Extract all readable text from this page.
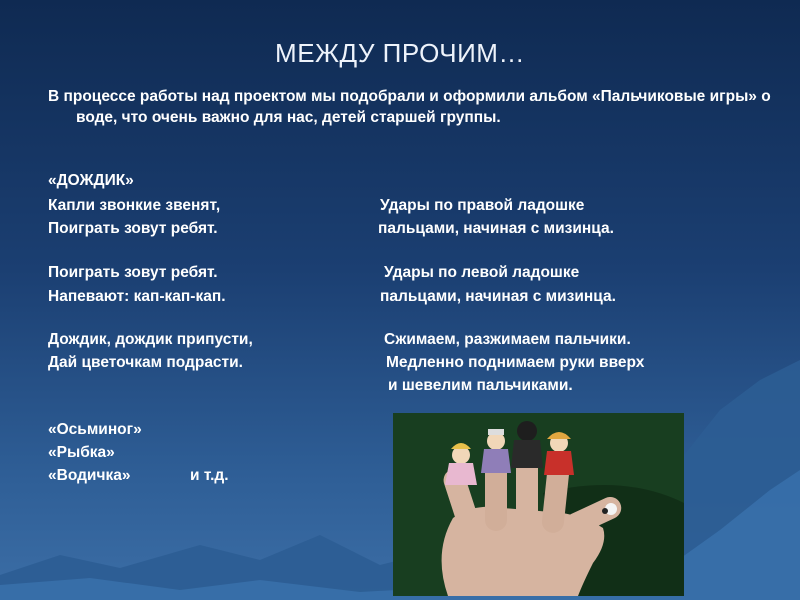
МЕЖДУ ПРОЧИМ…
В процессе работы над проектом мы подобрали и оформили альбом «Пальчиковые игры» о воде, что очень важно для нас, детей старшей группы.
«ДОЖДИК»
Капли звонкие звенят,	Удары по правой ладошке
Поиграть зовут ребят.	пальцами, начиная с мизинца.
Поиграть зовут ребят.	Удары по левой ладошке
Напевают: кап-кап-кап.	пальцами, начиная с мизинца.
Дождик, дождик припусти,	Сжимаем, разжимаем пальчики.
Дай цветочкам подрасти.	Медленно поднимаем руки вверх
и шевелим пальчиками.
«Осьминог»
«Рыбка»
«Водичка»	и т.д.
